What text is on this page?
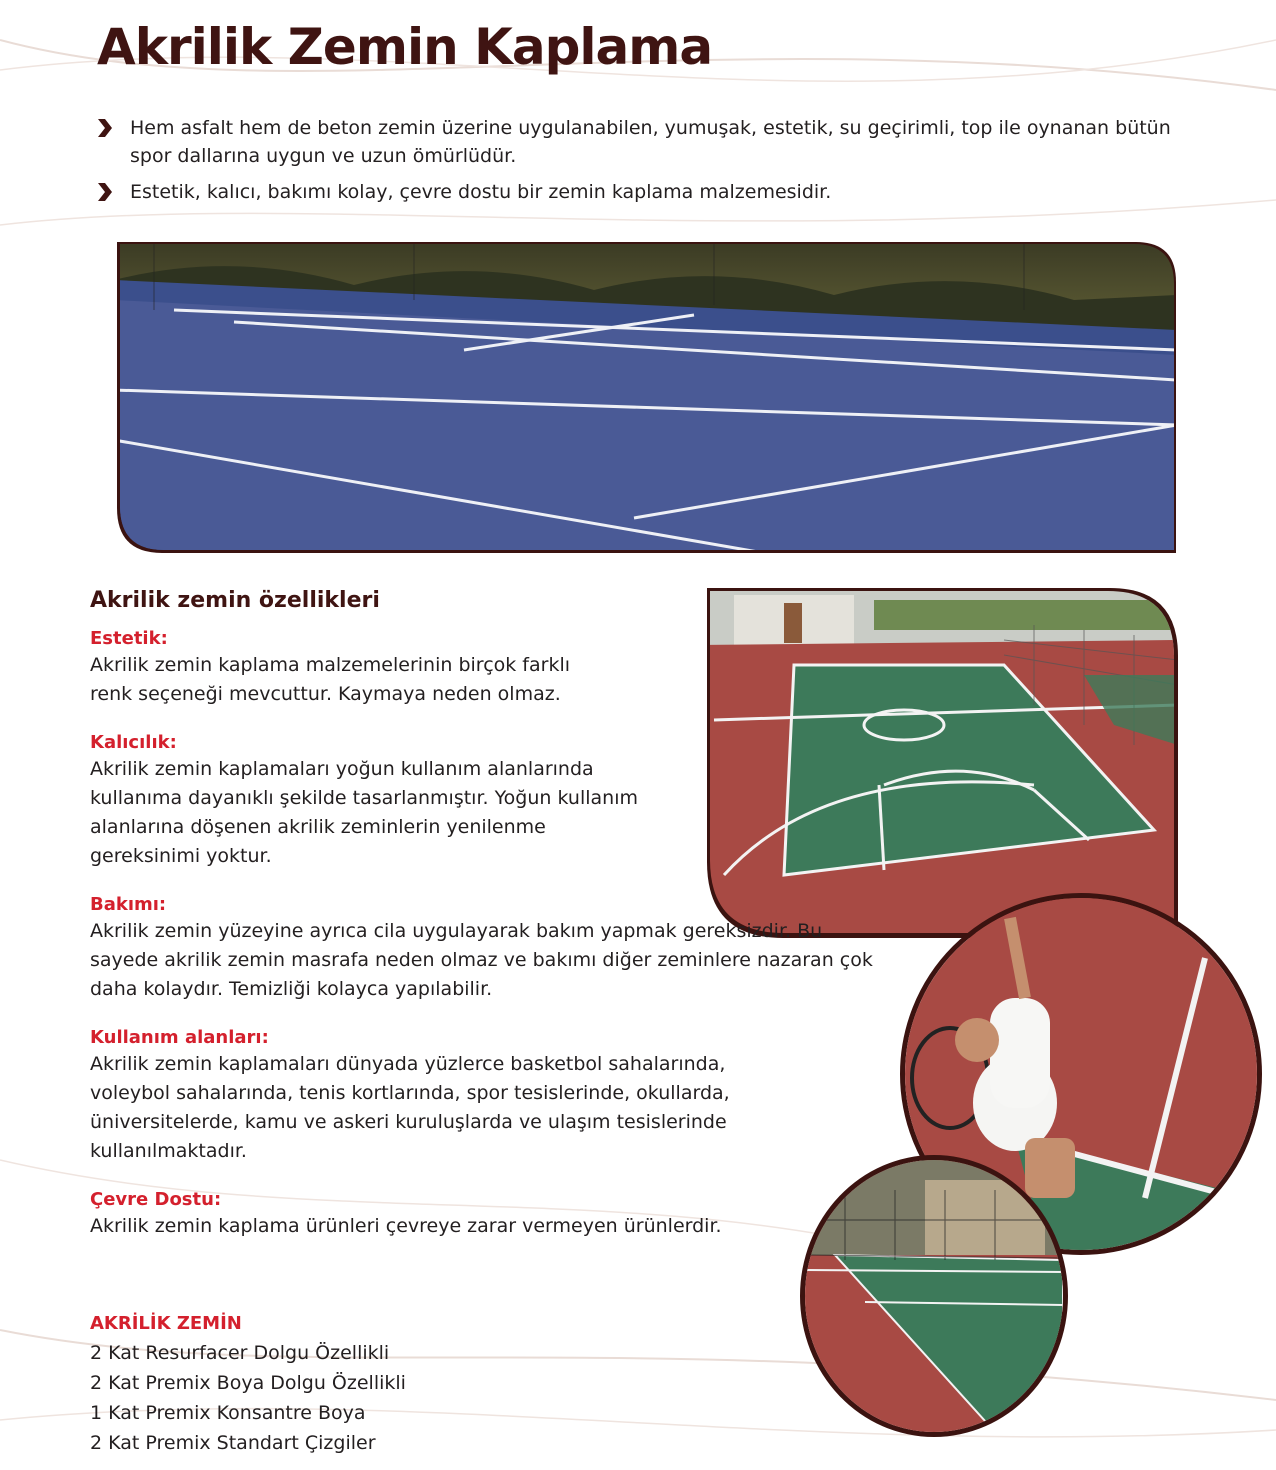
Akrilik Zemin Kaplama
Hem asfalt hem de beton zemin üzerine uygulanabilen, yumuşak, estetik, su geçirimli, top ile oynanan bütün spor dallarına uygun ve uzun ömürlüdür.
Estetik, kalıcı, bakımı kolay, çevre dostu bir zemin kaplama malzemesidir.
Akrilik zemin özellikleri
Estetik:

Akrilik zemin kaplama malzemelerinin birçok farklı renk seçeneği mevcuttur. Kaymaya neden olmaz.

Kalıcılık:

Akrilik zemin kaplamaları yoğun kullanım alanlarında kullanıma dayanıklı şekilde tasarlanmıştır. Yoğun kullanım alanlarına döşenen akrilik zeminlerin yenilenme gereksinimi yoktur.

Bakımı:

Akrilik zemin yüzeyine ayrıca cila uygulayarak bakım yapmak gereksizdir. Bu sayede akrilik zemin masrafa neden olmaz ve bakımı diğer zeminlere nazaran çok daha kolaydır. Temizliği kolayca yapılabilir.

Kullanım alanları:

Akrilik zemin kaplamaları dünyada yüzlerce basketbol sahalarında, voleybol sahalarında, tenis kortlarında, spor tesislerinde, okullarda, üniversitelerde, kamu ve askeri kuruluşlarda ve ulaşım tesislerinde kullanılmaktadır.

Çevre Dostu:

Akrilik zemin kaplama ürünleri çevreye zarar vermeyen ürünlerdir.

AKRİLİK ZEMİN
2 Kat Resurfacer Dolgu Özellikli
2 Kat Premix Boya Dolgu Özellikli
1 Kat Premix Konsantre Boya
2 Kat Premix Standart Çizgiler
